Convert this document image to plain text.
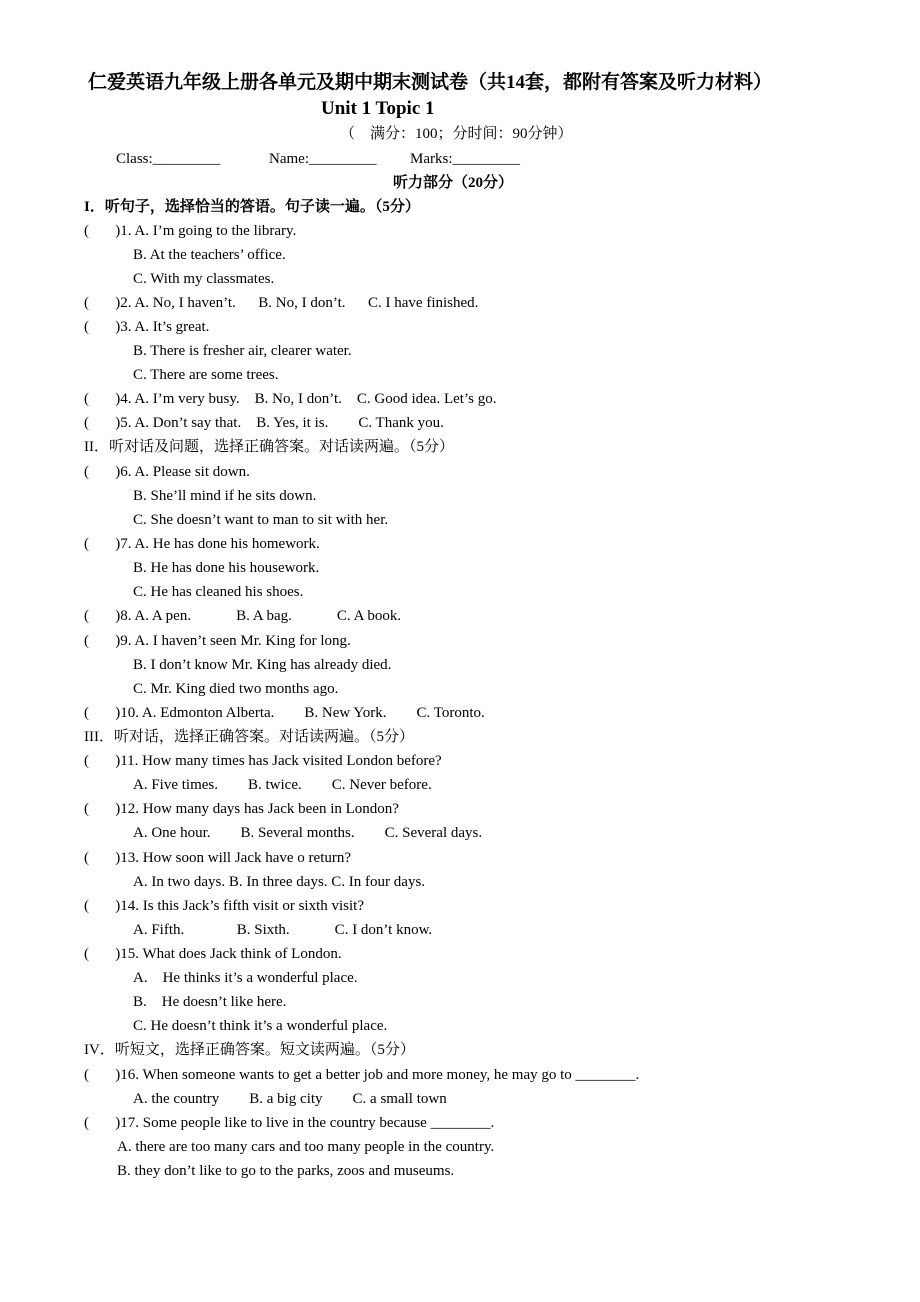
仁爱英语九年级上册各单元及期中期末测试卷（共14套，都附有答案及听力材料）
Unit 1 Topic 1
（    满分：100；分时间：90分钟）
Class:_________	Name:_________ Marks:_________
听力部分（20分）
I．听句子，选择恰当的答语。句子读一遍。（5分）
(       )1. A. I’m going to the library.
B. At the teachers’ office.
C. With my classmates.
(       )2. A. No, I haven’t.      B. No, I don’t.      C. I have finished.
(       )3. A. It’s great.
B. There is fresher air, clearer water.
C. There are some trees.
(       )4. A. I’m very busy.    B. No, I don’t.    C. Good idea. Let’s go.
(       )5. A. Don’t say that.    B. Yes, it is.        C. Thank you.
II．听对话及问题，选择正确答案。对话读两遍。（5分）
(       )6. A. Please sit down.
B. She’ll mind if he sits down.
C. She doesn’t want to man to sit with her.
(       )7. A. He has done his homework.
B. He has done his housework.
C. He has cleaned his shoes.
(       )8. A. A pen.            B. A bag.            C. A book.
(       )9. A. I haven’t seen Mr. King for long.
B. I don’t know Mr. King has already died.
C. Mr. King died two months ago.
(       )10. A. Edmonton Alberta.        B. New York.        C. Toronto.
III．听对话，选择正确答案。对话读两遍。（5分）
(       )11. How many times has Jack visited London before?
A. Five times.        B. twice.        C. Never before.
(       )12. How many days has Jack been in London?
A. One hour.        B. Several months.        C. Several days.
(       )13. How soon will Jack have o return?
A. In two days. B. In three days. C. In four days.
(       )14. Is this Jack’s fifth visit or sixth visit?
A. Fifth.              B. Sixth.            C. I don’t know.
(       )15. What does Jack think of London.
A.    He thinks it’s a wonderful place.
B.    He doesn’t like here.
C. He doesn’t think it’s a wonderful place.
IV．听短文，选择正确答案。短文读两遍。（5分）
(       )16. When someone wants to get a better job and more money, he may go to ________.
A. the country        B. a big city        C. a small town
(       )17. Some people like to live in the country because ________.
A. there are too many cars and too many people in the country.
B. they don’t like to go to the parks, zoos and museums.
